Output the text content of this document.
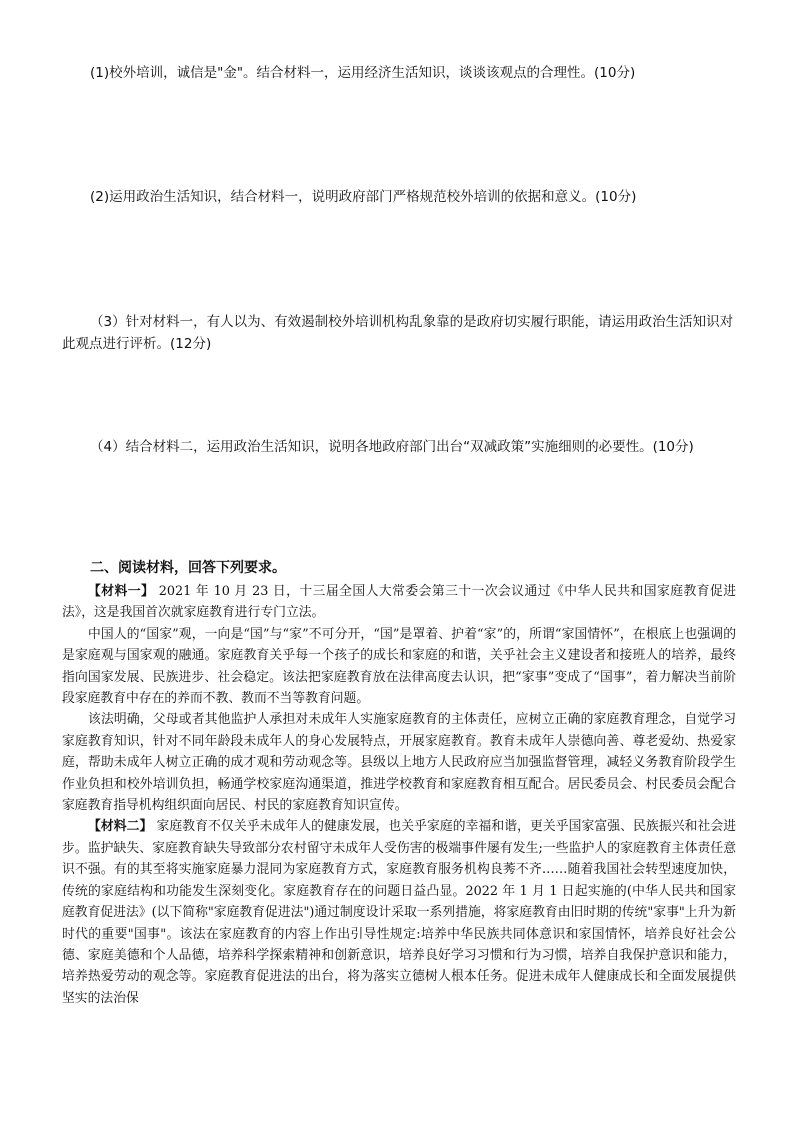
(1)校外培训，诚信是"金"。结合材料一，运用经济生活知识，谈谈该观点的合理性。(10分)

(2)运用政治生活知识，结合材料一，说明政府部门严格规范校外培训的依据和意义。(10分)

（3）针对材料一，有人以为、有效遏制校外培训机构乱象靠的是政府切实履行职能，请运用政治生活知识对此观点进行评析。(12分)

（4）结合材料二，运用政治生活知识，说明各地政府部门出台“双减政策”实施细则的必要性。(10分)

二、阅读材料，回答下列要求。

【材料一】 2021 年 10 月 23 日，十三届全国人大常委会第三十一次会议通过《中华人民共和国家庭教育促进法》，这是我国首次就家庭教育进行专门立法。

中国人的“国家”观，一向是“国”与“家”不可分开，“国”是罩着、护着“家”的，所谓“家国情怀”，在根底上也强调的是家庭观与国家观的融通。家庭教育关乎每一个孩子的成长和家庭的和谐，关乎社会主义建设者和接班人的培养，最终指向国家发展、民族进步、社会稳定。该法把家庭教育放在法律高度去认识，把“家事”变成了“国事”，着力解决当前阶段家庭教育中存在的养而不教、教而不当等教育问题。

该法明确，父母或者其他监护人承担对未成年人实施家庭教育的主体责任，应树立正确的家庭教育理念，自觉学习家庭教育知识，针对不同年龄段未成年人的身心发展特点，开展家庭教育。教育未成年人崇德向善、尊老爱幼、热爱家庭，帮助未成年人树立正确的成才观和劳动观念等。县级以上地方人民政府应当加强监督管理，减轻义务教育阶段学生作业负担和校外培训负担，畅通学校家庭沟通渠道，推进学校教育和家庭教育相互配合。居民委员会、村民委员会配合家庭教育指导机构组织面向居民、村民的家庭教育知识宣传。

【材料二】 家庭教育不仅关乎未成年人的健康发展，也关乎家庭的幸福和谐，更关乎国家富强、民族振兴和社会进步。监护缺失、家庭教育缺失导致部分农村留守未成年人受伤害的极端事件屡有发生;一些监护人的家庭教育主体责任意识不强。有的其至将实施家庭暴力混同为家庭教育方式，家庭教育服务机构良莠不齐……随着我国社会转型速度加快，传统的家庭结构和功能发生深刻变化。家庭教育存在的问题日益凸显。2022 年 1 月 1 日起实施的(中华人民共和国家庭教育促进法》(以下简称"家庭教育促进法")通过制度设计采取一系列措施，将家庭教育由旧时期的传统"家事"上升为新时代的重要"国事"。该法在家庭教育的内容上作出引导性规定:培养中华民族共同体意识和家国情怀，培养良好社会公德、家庭美德和个人品德，培养科学探索精神和创新意识，培养良好学习习惯和行为习惯，培养自我保护意识和能力，培养热爱劳动的观念等。家庭教育促进法的出台，将为落实立德树人根本任务。促进未成年人健康成长和全面发展提供坚实的法治保
